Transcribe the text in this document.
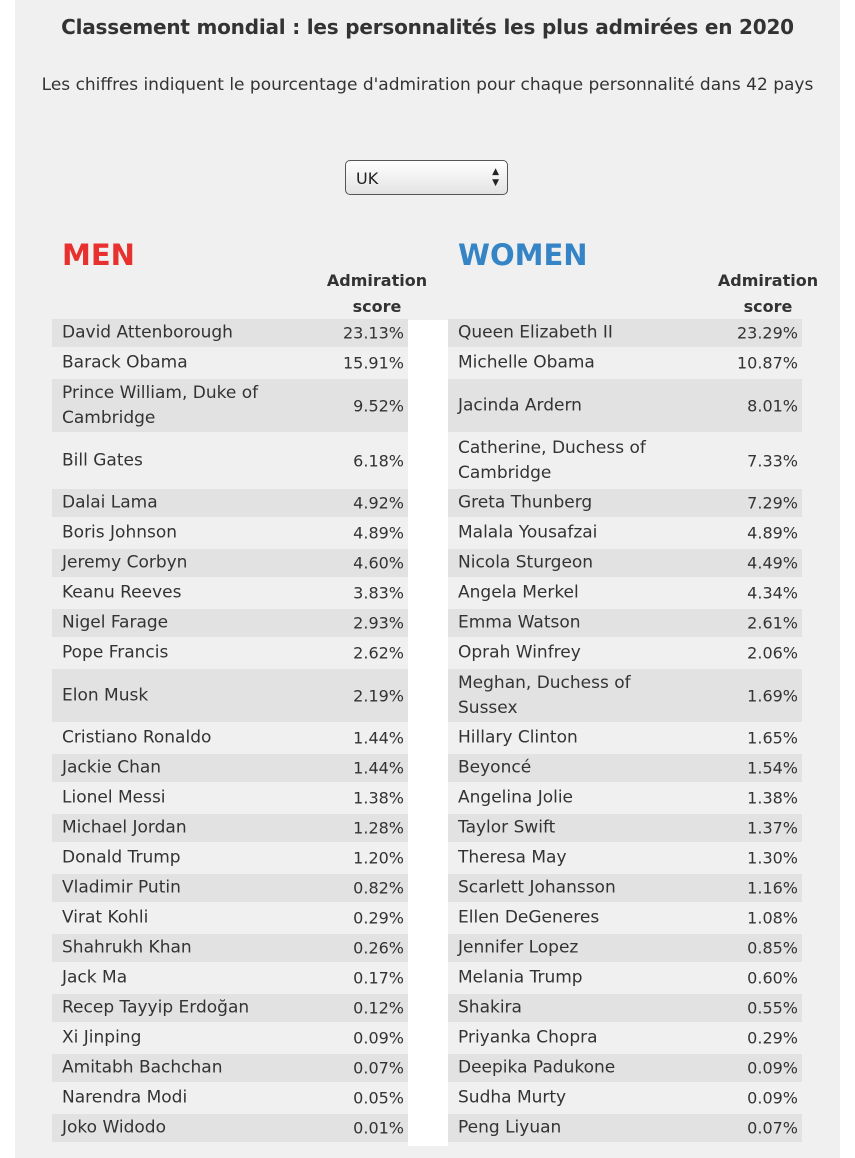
Classement mondial : les personnalités les plus admirées en 2020
Les chiffres indiquent le pourcentage d'admiration pour chaque personnalité dans 42 pays
UK	▲
▼
MEN	WOMEN
Admiration score
Admiration score
David Attenborough	23.13%
Barack Obama	15.91%
Prince William, Duke of Cambridge
9.52%
Bill Gates	6.18%
Dalai Lama	4.92%
Boris Johnson	4.89%
Jeremy Corbyn	4.60%
Keanu Reeves	3.83%
Nigel Farage	2.93%
Pope Francis	2.62%
Elon Musk	2.19%
Cristiano Ronaldo	1.44%
Jackie Chan	1.44%
Lionel Messi	1.38%
Michael Jordan	1.28%
Donald Trump	1.20%
Vladimir Putin	0.82%
Virat Kohli	0.29%
Shahrukh Khan	0.26%
Jack Ma	0.17%
Recep Tayyip Erdoğan	0.12%
Xi Jinping	0.09%
Amitabh Bachchan	0.07%
Narendra Modi	0.05%
Joko Widodo	0.01%
Queen Elizabeth II	23.29%
Michelle Obama	10.87%
Jacinda Ardern	8.01%
Catherine, Duchess of Cambridge
7.33%
Greta Thunberg	7.29%
Malala Yousafzai	4.89%
Nicola Sturgeon	4.49%
Angela Merkel	4.34%
Emma Watson	2.61%
Oprah Winfrey	2.06%
Meghan, Duchess of Sussex
1.69%
Hillary Clinton	1.65%
Beyoncé	1.54%
Angelina Jolie	1.38%
Taylor Swift	1.37%
Theresa May	1.30%
Scarlett Johansson	1.16%
Ellen DeGeneres	1.08%
Jennifer Lopez	0.85%
Melania Trump	0.60%
Shakira	0.55%
Priyanka Chopra	0.29%
Deepika Padukone	0.09%
Sudha Murty	0.09%
Peng Liyuan	0.07%
